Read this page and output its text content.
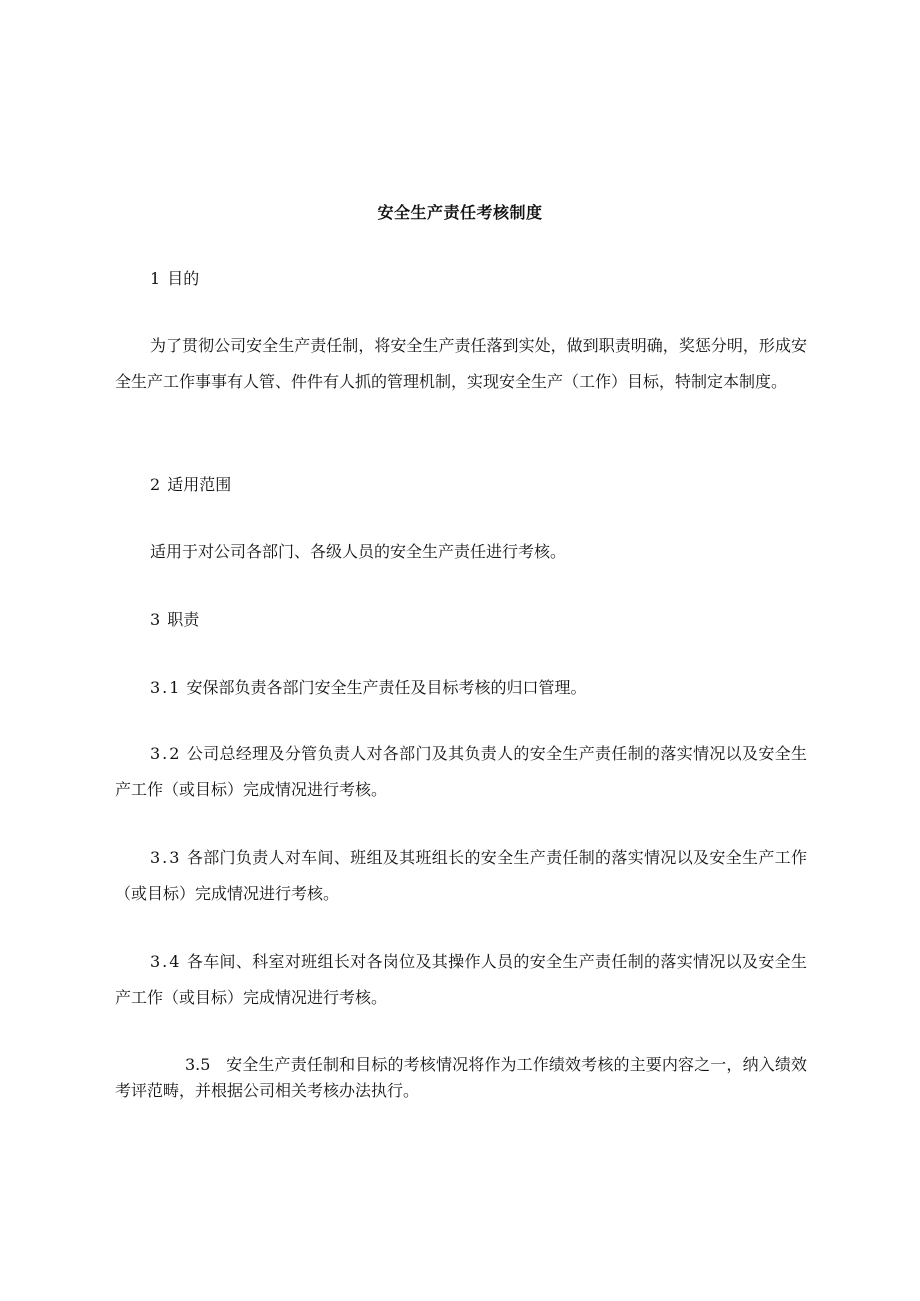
安全生产责任考核制度
1 目的
为了贯彻公司安全生产责任制，将安全生产责任落到实处，做到职责明确，奖惩分明，形成安全生产工作事事有人管、件件有人抓的管理机制，实现安全生产（工作）目标，特制定本制度。
2 适用范围
适用于对公司各部门、各级人员的安全生产责任进行考核。
3 职责
3.1 安保部负责各部门安全生产责任及目标考核的归口管理。
3.2 公司总经理及分管负责人对各部门及其负责人的安全生产责任制的落实情况以及安全生产工作（或目标）完成情况进行考核。
3.3 各部门负责人对车间、班组及其班组长的安全生产责任制的落实情况以及安全生产工作（或目标）完成情况进行考核。
3.4 各车间、科室对班组长对各岗位及其操作人员的安全生产责任制的落实情况以及安全生产工作（或目标）完成情况进行考核。
3.5 安全生产责任制和目标的考核情况将作为工作绩效考核的主要内容之一，纳入绩效考评范畴，并根据公司相关考核办法执行。
